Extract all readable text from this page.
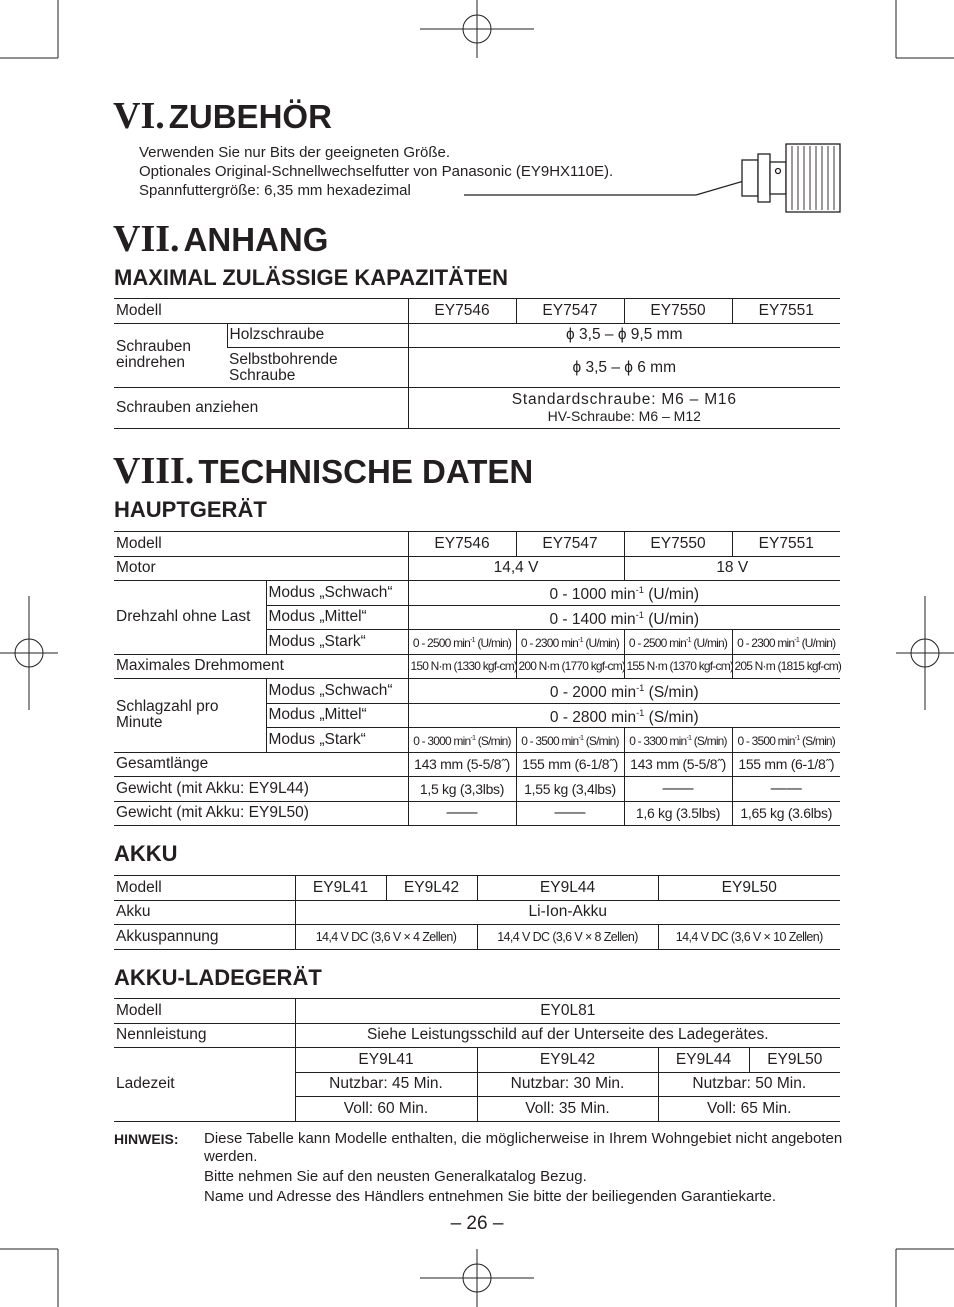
VI. ZUBEHÖR
Verwenden Sie nur Bits der geeigneten Größe.
Optionales Original-Schnellwechselfutter von Panasonic (EY9HX110E).
Spannfuttergröße: 6,35 mm hexadezimal
VII. ANHANG
MAXIMAL ZULÄSSIGE KAPAZITÄTEN
Modell		EY7546	EY7547	EY7550	EY7551
Schrauben eindrehen	Holzschraube	ϕ 3,5 – ϕ 9,5 mm			
	Selbstbohrende Schraube	ϕ 3,5 – ϕ 6 mm			
Schrauben anziehen		Standardschraube: M6 – M16
HV-Schraube: M6 – M12			
VIII. TECHNISCHE DATEN
HAUPTGERÄT
Modell		EY7546	EY7547	EY7550	EY7551
Motor		14,4 V		18 V	
Drehzahl ohne Last	Modus „Schwach“	0 - 1000 $\min^{-1} (U/\min)$			
	Modus „Mittel“	0 - 1400 $\min^{-1} (U/\min)$			
	Modus „Stark“	0 - 2500 $\min^{-1} (U/\min)$	0 - 2300 $\min^{-1} (U/\min)$	0 - 2500 $\min^{-1} (U/\min)$	0 - 2300 $\min^{-1} (U/\min)$
Maximales Drehmoment		150 N·m (1330 kgf-cm)	200 N·m (1770 kgf-cm)	155 N·m (1370 kgf-cm)	205 N·m (1815 kgf-cm)
Schlagzahl pro Minute	Modus „Schwach“	0 - 2000 $\min^{-1} (S/\min)$			
	Modus „Mittel“	0 - 2800 $\min^{-1} (S/\min)$			
	Modus „Stark“	0 - 3000 $\min^{-1} (S/\min)$	0 - 3500 $\min^{-1} (S/\min)$	0 - 3300 $\min^{-1} (S/\min)$	0 - 3500 $\min^{-1} (S/\min)$
Gesamtlänge		143 mm (5-5/8˝)	155 mm (6-1/8˝)	143 mm (5-5/8˝)	155 mm (6-1/8˝)
Gewicht (mit Akku: EY9L44)		1,5 kg (3,3lbs)	1,55 kg (3,4lbs)	——	——
Gewicht (mit Akku: EY9L50)		——	——	1,6 kg (3.5lbs)	1,65 kg (3.6lbs)
AKKU
Modell	EY9L41	EY9L42	EY9L44	EY9L50
Akku	Li-Ion-Akku			
Akkuspannung	14,4 V DC (3,6 V × 4 Zellen)		14,4 V DC (3,6 V × 8 Zellen)	14,4 V DC (3,6 V × 10 Zellen)
AKKU-LADEGERÄT
Modell	EY0L81			
Nennleistung	Siehe Leistungsschild auf der Unterseite des Ladegerätes.			
Ladezeit	EY9L41	EY9L42	EY9L44	EY9L50
	Nutzbar: 45 Min.	Nutzbar: 30 Min.	Nutzbar: 50 Min.	
	Voll: 60 Min.	Voll: 35 Min.	Voll: 65 Min.	
HINWEIS: Diese Tabelle kann Modelle enthalten, die möglicherweise in Ihrem Wohngebiet nicht angeboten werden.

Bitte nehmen Sie auf den neusten Generalkatalog Bezug.

Name und Adresse des Händlers entnehmen Sie bitte der beiliegenden Garantiekarte.

– 26 –
